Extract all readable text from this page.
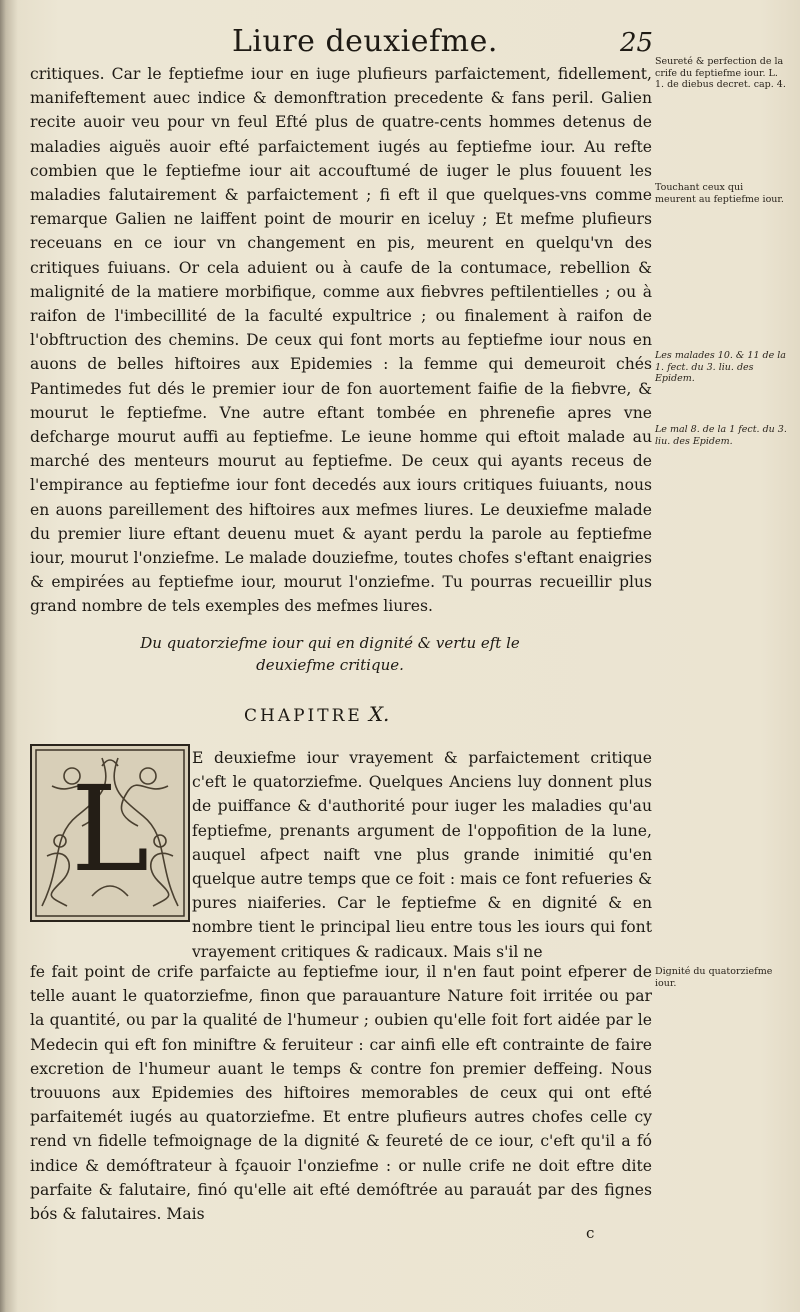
Liure deuxiefme.	25

critiques. Car le feptiefme iour en iuge plufieurs parfaictement, fidellement, manifeftement auec indice & demonftration precedente & fans peril. Galien recite auoir veu pour vn feul Efté plus de quatre-cents hommes detenus de maladies aiguës auoir efté parfaictement iugés au feptiefme iour. Au refte combien que le feptiefme iour ait accouftumé de iuger le plus fouuent les maladies falutairement & parfaictement ; fi eft il que quelques-vns comme remarque Galien ne laiffent point de mourir en iceluy ; Et mefme plufieurs receuans en ce iour vn changement en pis, meurent en quelqu'vn des critiques fuiuans. Or cela aduient ou à caufe de la contumace, rebellion & malignité de la matiere morbifique, comme aux fiebvres peftilentielles ; ou à raifon de l'imbecillité de la faculté expultrice ; ou finalement à raifon de l'obftruction des chemins. De ceux qui font morts au feptiefme iour nous en auons de belles hiftoires aux Epidemies : la femme qui demeuroit chés Pantimedes fut dés le premier iour de fon auortement faifie de la fiebvre, & mourut le feptiefme. Vne autre eftant tombée en phrenefie apres vne defcharge mourut auffi au feptiefme. Le ieune homme qui eftoit malade au marché des menteurs mourut au feptiefme. De ceux qui ayants receus de l'empirance au feptiefme iour font decedés aux iours critiques fuiuants, nous en auons pareillement des hiftoires aux mefmes liures. Le deuxiefme malade du premier liure eftant deuenu muet & ayant perdu la parole au feptiefme iour, mourut l'onziefme. Le malade douziefme, toutes chofes s'eftant enaigries & empirées au feptiefme iour, mourut l'onziefme. Tu pourras recueillir plus grand nombre de tels exemples des mefmes liures.

Seureté & perfection de la crife du feptiefme iour. L. 1. de diebus decret. cap. 4.
Touchant ceux qui meurent au feptiefme iour.
Les malades 10. & 11 de la 1. fect. du 3. liu. des Epidem.
Le mal 8. de la 1 fect. du 3. liu. des Epidem.
Dignité du quatorziefme iour.
Du quatorziefme iour qui en dignité & vertu eft le deuxiefme critique.
CHAPITRE X.
L

E deuxiefme iour vrayement & parfaictement critique c'eft le quatorziefme. Quelques Anciens luy donnent plus de puiffance & d'authorité pour iuger les maladies qu'au feptiefme, prenants argument de l'oppofition de la lune, auquel afpect naift vne plus grande inimitié qu'en quelque autre temps que ce foit : mais ce font refueries & pures niaiferies. Car le feptiefme & en dignité & en nombre tient le principal lieu entre tous les iours qui font vrayement critiques & radicaux. Mais s'il ne

fe fait point de crife parfaicte au feptiefme iour, il n'en faut point efperer de telle auant le quatorziefme, finon que parauanture Nature foit irritée ou par la quantité, ou par la qualité de l'humeur ; oubien qu'elle foit fort aidée par le Medecin qui eft fon miniftre & feruiteur : car ainfi elle eft contrainte de faire excretion de l'humeur auant le temps & contre fon premier deffeing. Nous trouuons aux Epidemies des hiftoires memorables de ceux qui ont efté parfaitemét iugés au quatorziefme. Et entre plufieurs autres chofes celle cy rend vn fidelle tefmoignage de la dignité & feureté de ce iour, c'eft qu'il a fó indice & demóftrateur à fçauoir l'onziefme : or nulle crife ne doit eftre dite parfaite & falutaire, finó qu'elle ait efté demóftrée au parauát par des fignes bós & falutaires. Mais

c
